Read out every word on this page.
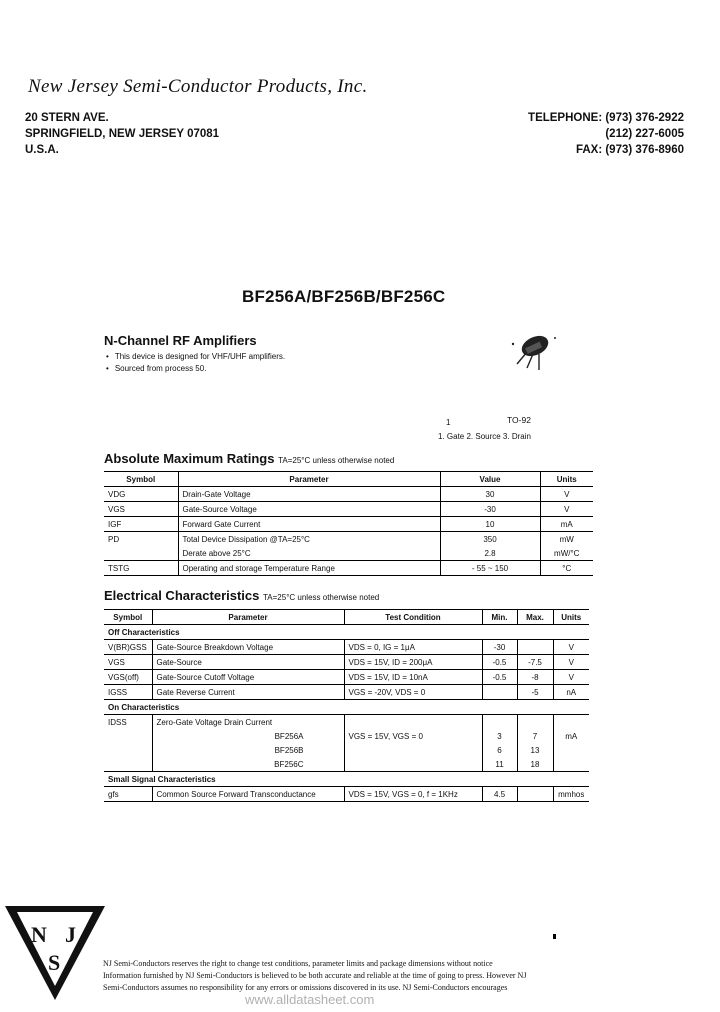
New Jersey Semi-Conductor Products, Inc.
20 STERN AVE.
SPRINGFIELD, NEW JERSEY 07081
U.S.A.
TELEPHONE: (973) 376-2922
(212) 227-6005
FAX: (973) 376-8960
BF256A/BF256B/BF256C
N-Channel RF Amplifiers
• This device is designed for VHF/UHF amplifiers.
• Sourced from process 50.
1	TO-92
1. Gate 2. Source 3. Drain
Absolute Maximum Ratings TA=25°C unless otherwise noted
Symbol	Parameter	Value	Units
VDG	Drain-Gate Voltage	30	V
VGS	Gate-Source Voltage	-30	V
IGF	Forward Gate Current	10	mA
PD	Total Device Dissipation @TA=25°C	350	mW
	Derate above 25°C	2.8	mW/°C
TSTG	Operating and storage Temperature Range	- 55 ~ 150	°C
Electrical Characteristics TA=25°C unless otherwise noted
Symbol	Parameter	Test Condition	Min.	Max.	Units
Off Characteristics					
V(BR)GSS	Gate-Source Breakdown Voltage	VDS = 0, IG = 1μA	-30		V
VGS	Gate-Source	VDS = 15V, ID = 200μA	-0.5	-7.5	V
VGS(off)	Gate-Source Cutoff Voltage	VDS = 15V, ID = 10nA	-0.5	-8	V
IGSS	Gate Reverse Current	VGS = -20V, VDS = 0		-5	nA
On Characteristics					
IDSS	Zero-Gate Voltage Drain Current				
	BF256A	VGS = 15V, VGS = 0	3	7	mA
	BF256B		6	13	
	BF256C		11	18	
Small Signal Characteristics					
gfs	Common Source Forward Transconductance	VDS = 15V, VGS = 0, f = 1KHz	4.5		mmhos
N J
S	NJ Semi-Conductors reserves the right to change test conditions, parameter limits and package dimensions without notice
Information furnished by NJ Semi-Conductors is believed to be both accurate and reliable at the time of going to press. However NJ
Semi-Conductors assumes no responsibility for any errors or omissions discovered in its use. NJ Semi-Conductors encourages
www.alldatasheet.com
